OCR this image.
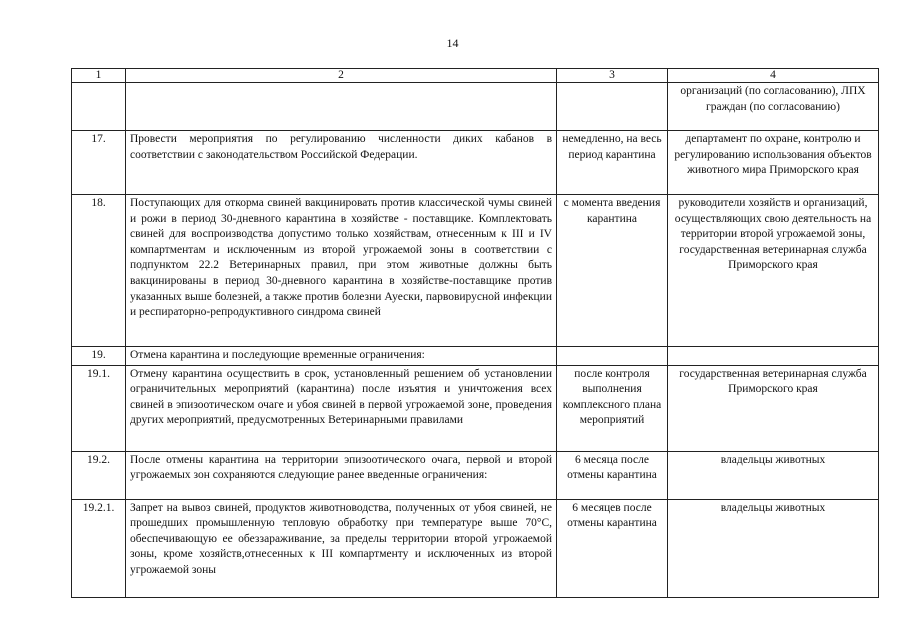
14
1	2	3	4
			организаций (по согласованию), ЛПХ граждан (по согласованию)
17.	Провести мероприятия по регулированию численности диких кабанов в соответствии с законодательством Российской Федерации.	немедленно, на весь период карантина	департамент по охране, контролю и регулированию использования объектов животного мира Приморского края
18.	Поступающих для откорма свиней вакцинировать против классической чумы свиней и рожи в период 30-дневного карантина в хозяйстве - поставщике. Комплектовать свиней для воспроизводства допустимо только хозяйствам, отнесенным к III и IV компартментам и исключенным из второй угрожаемой зоны в соответствии с подпунктом 22.2 Ветеринарных правил, при этом животные должны быть вакцинированы в период 30-дневного карантина в хозяйстве-поставщике против указанных выше болезней, а также против болезни Ауески, парвовирусной инфекции и респираторно-репродуктивного синдрома свиней	с момента введения карантина	руководители хозяйств и организаций, осуществляющих свою деятельность на территории второй угрожаемой зоны, государственная ветеринарная служба Приморского края
19.	Отмена карантина и последующие временные ограничения:		
19.1.	Отмену карантина осуществить в срок, установленный решением об установлении ограничительных мероприятий (карантина) после изъятия и уничтожения всех свиней в эпизоотическом очаге и убоя свиней в первой угрожаемой зоне, проведения других мероприятий, предусмотренных Ветеринарными правилами	после контроля выполнения комплексного плана мероприятий	государственная ветеринарная служба Приморского края
19.2.	После отмены карантина на территории эпизоотического очага, первой и второй угрожаемых зон сохраняются следующие ранее введенные ограничения:	6 месяца после отмены карантина	владельцы животных
19.2.1.	Запрет на вывоз свиней, продуктов животноводства, полученных от убоя свиней, не прошедших промышленную тепловую обработку при температуре выше 70°С, обеспечивающую ее обеззараживание, за пределы территории второй угрожаемой зоны, кроме хозяйств,отнесенных к III компартменту и исключенных из второй угрожаемой зоны	6 месяцев после отмены карантина	владельцы животных
